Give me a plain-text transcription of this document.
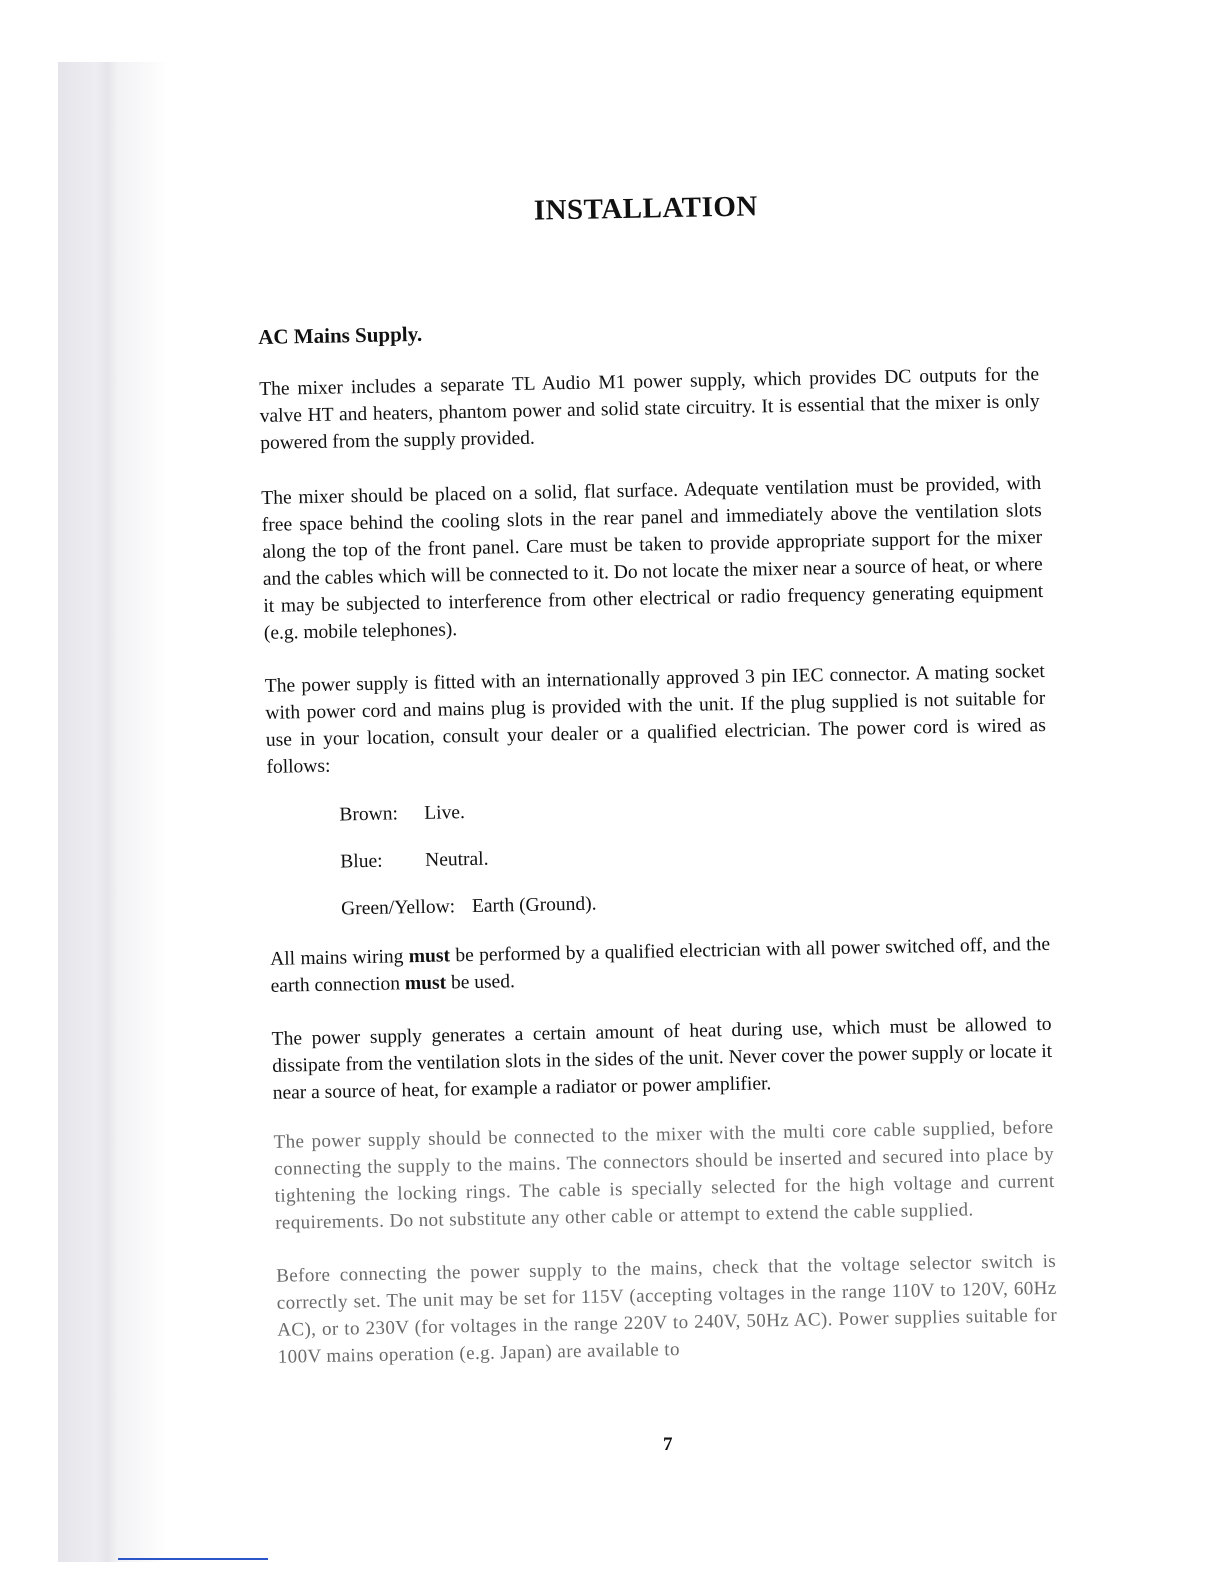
INSTALLATION
AC Mains Supply.

The mixer includes a separate TL Audio M1 power supply, which provides DC outputs for the valve HT and heaters, phantom power and solid state circuitry. It is essential that the mixer is only powered from the supply provided.

The mixer should be placed on a solid, flat surface. Adequate ventilation must be provided, with free space behind the cooling slots in the rear panel and immediately above the ventilation slots along the top of the front panel. Care must be taken to provide appropriate support for the mixer and the cables which will be connected to it. Do not locate the mixer near a source of heat, or where it may be subjected to interference from other electrical or radio frequency generating equipment (e.g. mobile telephones).

The power supply is fitted with an internationally approved 3 pin IEC connector. A mating socket with power cord and mains plug is provided with the unit. If the plug supplied is not suitable for use in your location, consult your dealer or a qualified electrician. The power cord is wired as follows:

Brown: Live.
Blue: Neutral.
Green/Yellow: Earth (Ground).

All mains wiring must be performed by a qualified electrician with all power switched off, and the earth connection must be used.

The power supply generates a certain amount of heat during use, which must be allowed to dissipate from the ventilation slots in the sides of the unit. Never cover the power supply or locate it near a source of heat, for example a radiator or power amplifier.

The power supply should be connected to the mixer with the multi core cable supplied, before connecting the supply to the mains. The connectors should be inserted and secured into place by tightening the locking rings. The cable is specially selected for the high voltage and current requirements. Do not substitute any other cable or attempt to extend the cable supplied.

Before connecting the power supply to the mains, check that the voltage selector switch is correctly set. The unit may be set for 115V (accepting voltages in the range 110V to 120V, 60Hz AC), or to 230V (for voltages in the range 220V to 240V, 50Hz AC). Power supplies suitable for 100V mains operation (e.g. Japan) are available to

7
